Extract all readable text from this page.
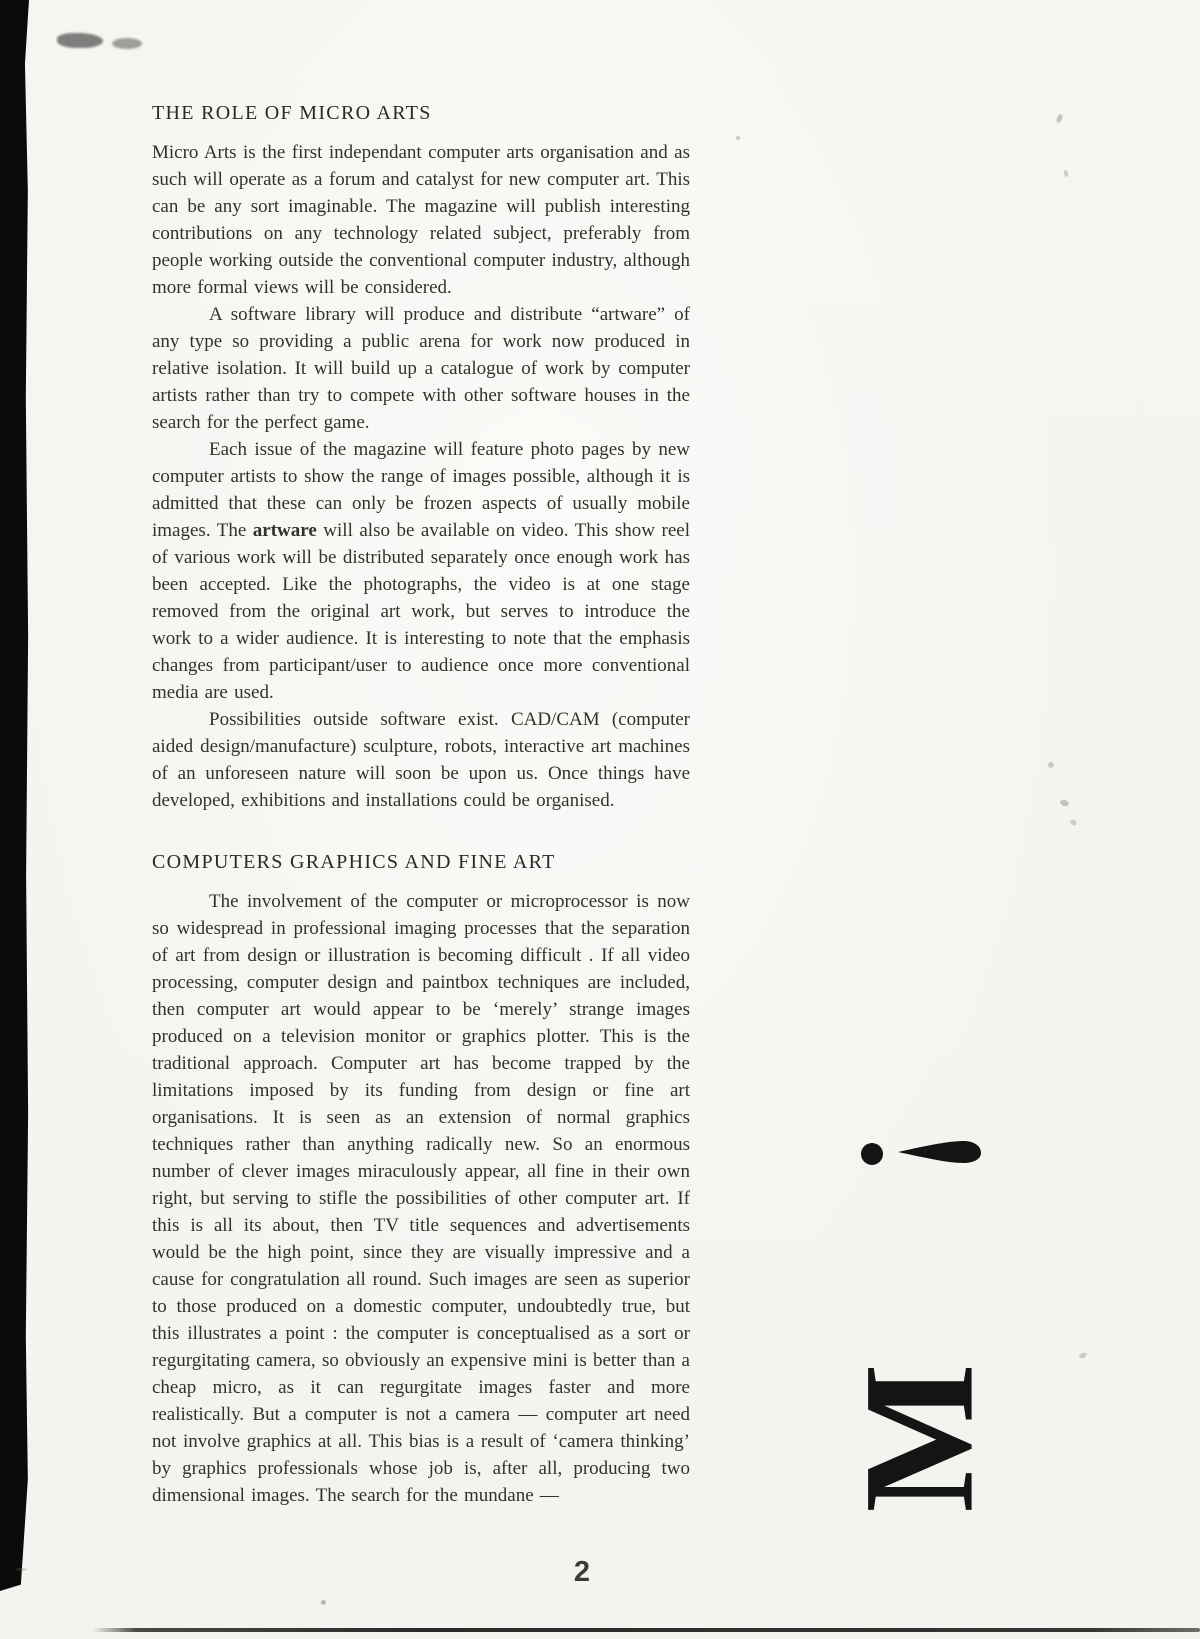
THE ROLE OF MICRO ARTS

Micro Arts is the first independant computer arts organisation and as such will operate as a forum and catalyst for new computer art. This can be any sort imaginable. The magazine will publish interesting contributions on any technology related subject, preferably from people working outside the conventional computer industry, although more formal views will be considered.

A software library will produce and distribute “artware” of any type so providing a public arena for work now produced in relative isolation. It will build up a catalogue of work by computer artists rather than try to compete with other software houses in the search for the perfect game.

Each issue of the magazine will feature photo pages by new computer artists to show the range of images possible, although it is admitted that these can only be frozen aspects of usually mobile images. The artware will also be available on video. This show reel of various work will be distributed separately once enough work has been accepted. Like the photographs, the video is at one stage removed from the original art work, but serves to introduce the work to a wider audience. It is interesting to note that the emphasis changes from participant/user to audience once more conventional media are used.

Possibilities outside software exist. CAD/CAM (computer aided design/manufacture) sculpture, robots, interactive art machines of an unforeseen nature will soon be upon us. Once things have developed, exhibitions and installations could be organised.

COMPUTERS GRAPHICS AND FINE ART

The involvement of the computer or microprocessor is now so widespread in professional imaging processes that the separation of art from design or illustration is becoming difficult . If all video processing, computer design and paintbox techniques are included, then computer art would appear to be ‘merely’ strange images produced on a television monitor or graphics plotter. This is the traditional approach. Computer art has become trapped by the limitations imposed by its funding from design or fine art organisations. It is seen as an extension of normal graphics techniques rather than anything radically new. So an enormous number of clever images miraculously appear, all fine in their own right, but serving to stifle the possibilities of other computer art. If this is all its about, then TV title sequences and advertisements would be the high point, since they are visually impressive and a cause for congratulation all round. Such images are seen as superior to those produced on a domestic computer, undoubtedly true, but this illustrates a point : the computer is conceptualised as a sort or regurgitating camera, so obviously an expensive mini is better than a cheap micro, as it can regurgitate images faster and more realistically. But a computer is not a camera — computer art need not involve graphics at all. This bias is a result of ‘camera thinking’ by graphics professionals whose job is, after all, producing two dimensional images. The search for the mundane —	M
2
